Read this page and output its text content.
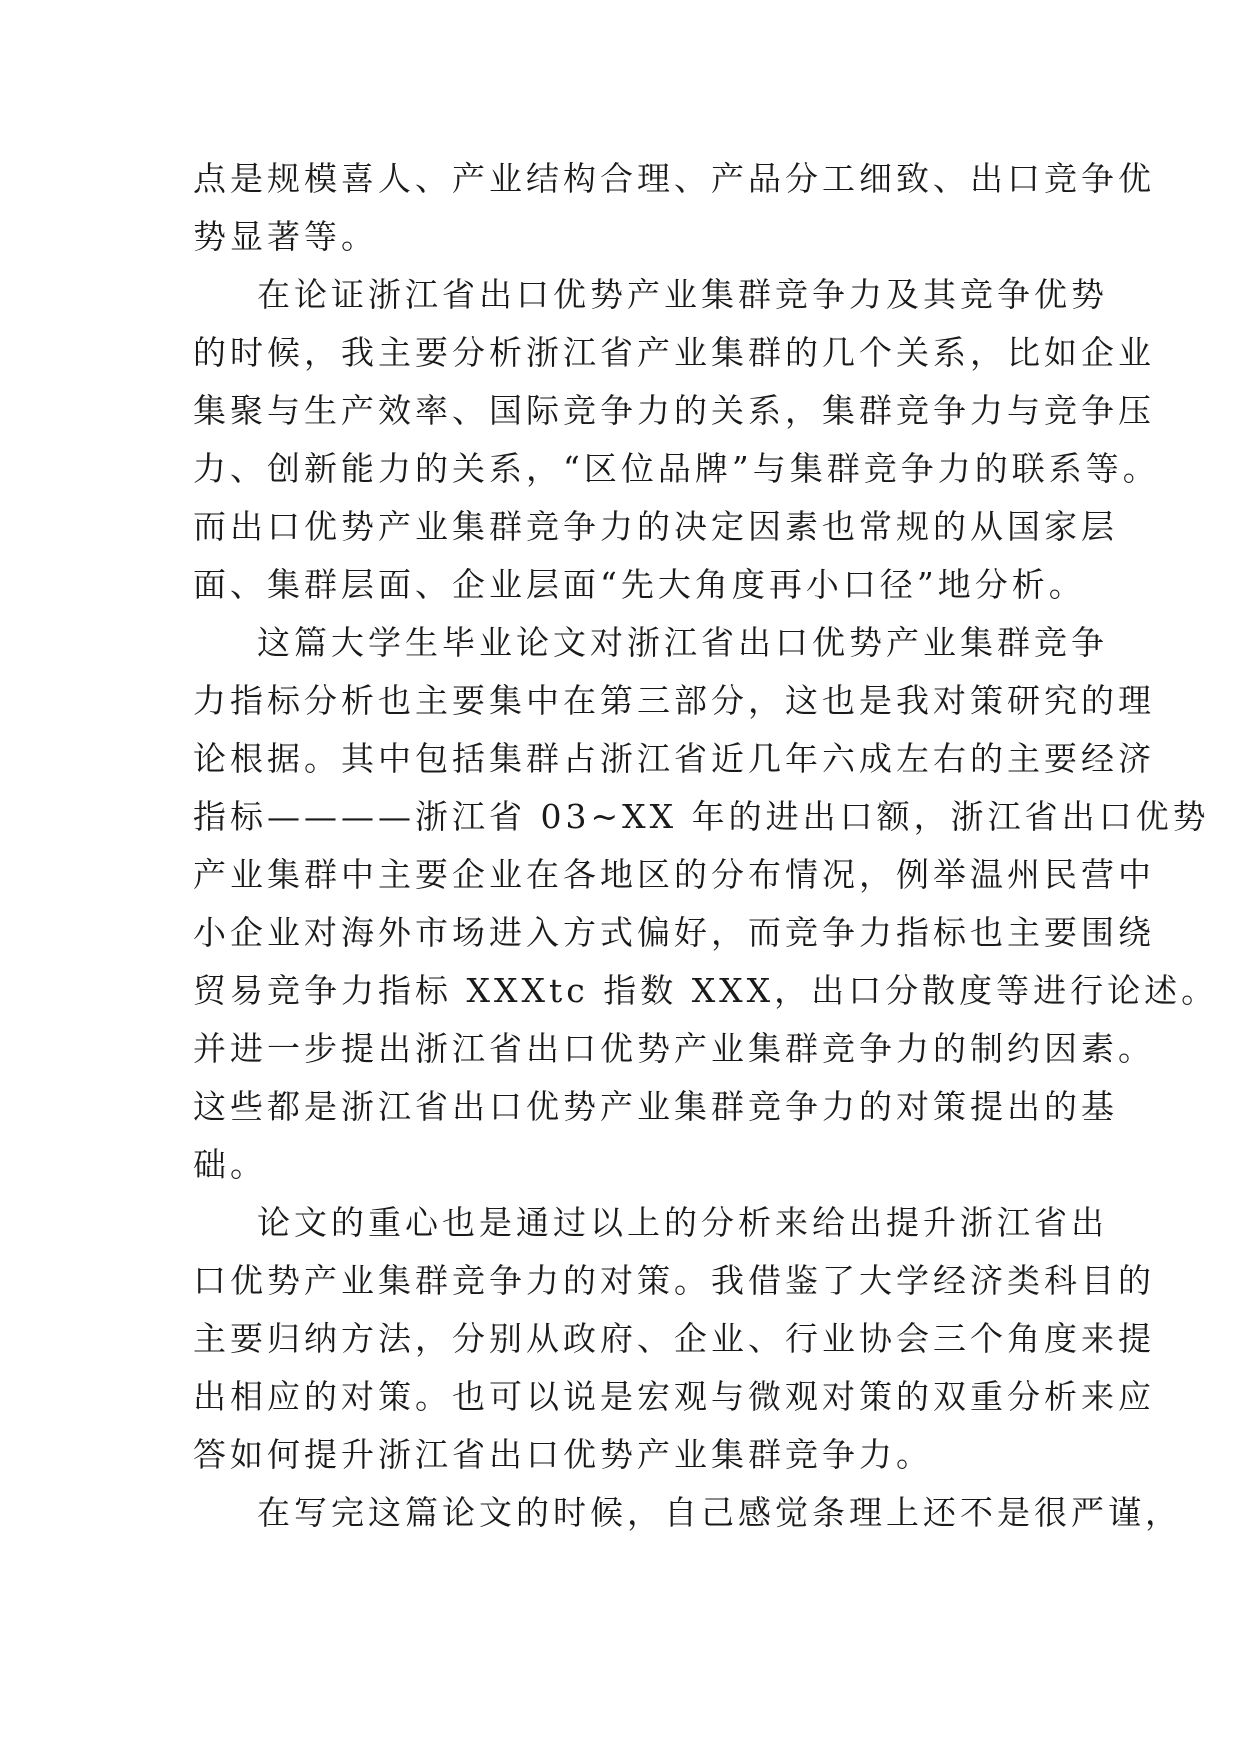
点是规模喜人、产业结构合理、产品分工细致、出口竞争优
势显著等。
在论证浙江省出口优势产业集群竞争力及其竞争优势
的时候，我主要分析浙江省产业集群的几个关系，比如企业
集聚与生产效率、国际竞争力的关系，集群竞争力与竞争压
力、创新能力的关系，“区位品牌”与集群竞争力的联系等。
而出口优势产业集群竞争力的决定因素也常规的从国家层
面、集群层面、企业层面“先大角度再小口径”地分析。
这篇大学生毕业论文对浙江省出口优势产业集群竞争
力指标分析也主要集中在第三部分，这也是我对策研究的理
论根据。其中包括集群占浙江省近几年六成左右的主要经济
指标————浙江省 03~XX 年的进出口额，浙江省出口优势
产业集群中主要企业在各地区的分布情况，例举温州民营中
小企业对海外市场进入方式偏好，而竞争力指标也主要围绕
贸易竞争力指标 XXXtc 指数 XXX，出口分散度等进行论述。
并进一步提出浙江省出口优势产业集群竞争力的制约因素。
这些都是浙江省出口优势产业集群竞争力的对策提出的基
础。
论文的重心也是通过以上的分析来给出提升浙江省出
口优势产业集群竞争力的对策。我借鉴了大学经济类科目的
主要归纳方法，分别从政府、企业、行业协会三个角度来提
出相应的对策。也可以说是宏观与微观对策的双重分析来应
答如何提升浙江省出口优势产业集群竞争力。
在写完这篇论文的时候，自己感觉条理上还不是很严谨，
